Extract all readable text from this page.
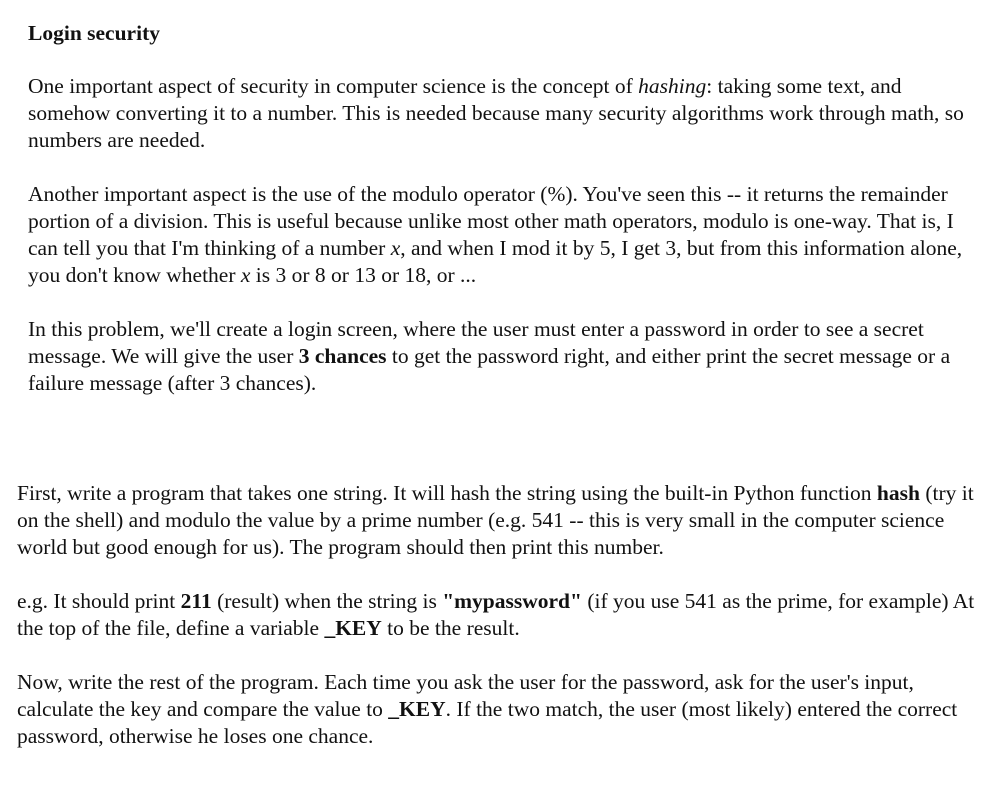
Login security

One important aspect of security in computer science is the concept of hashing: taking some text, and somehow converting it to a number. This is needed because many security algorithms work through math, so numbers are needed.

Another important aspect is the use of the modulo operator (%). You've seen this -- it returns the remainder portion of a division. This is useful because unlike most other math operators, modulo is one-way. That is, I can tell you that I'm thinking of a number x, and when I mod it by 5, I get 3, but from this information alone, you don't know whether x is 3 or 8 or 13 or 18, or ...

In this problem, we'll create a login screen, where the user must enter a password in order to see a secret message. We will give the user 3 chances to get the password right, and either print the secret message or a failure message (after 3 chances).

First, write a program that takes one string. It will hash the string using the built-in Python function hash (try it on the shell) and modulo the value by a prime number (e.g. 541 -- this is very small in the computer science world but good enough for us). The program should then print this number.

e.g. It should print 211 (result) when the string is "mypassword" (if you use 541 as the prime, for example) At the top of the file, define a variable _KEY to be the result.

Now, write the rest of the program. Each time you ask the user for the password, ask for the user's input, calculate the key and compare the value to _KEY. If the two match, the user (most likely) entered the correct password, otherwise he loses one chance.
